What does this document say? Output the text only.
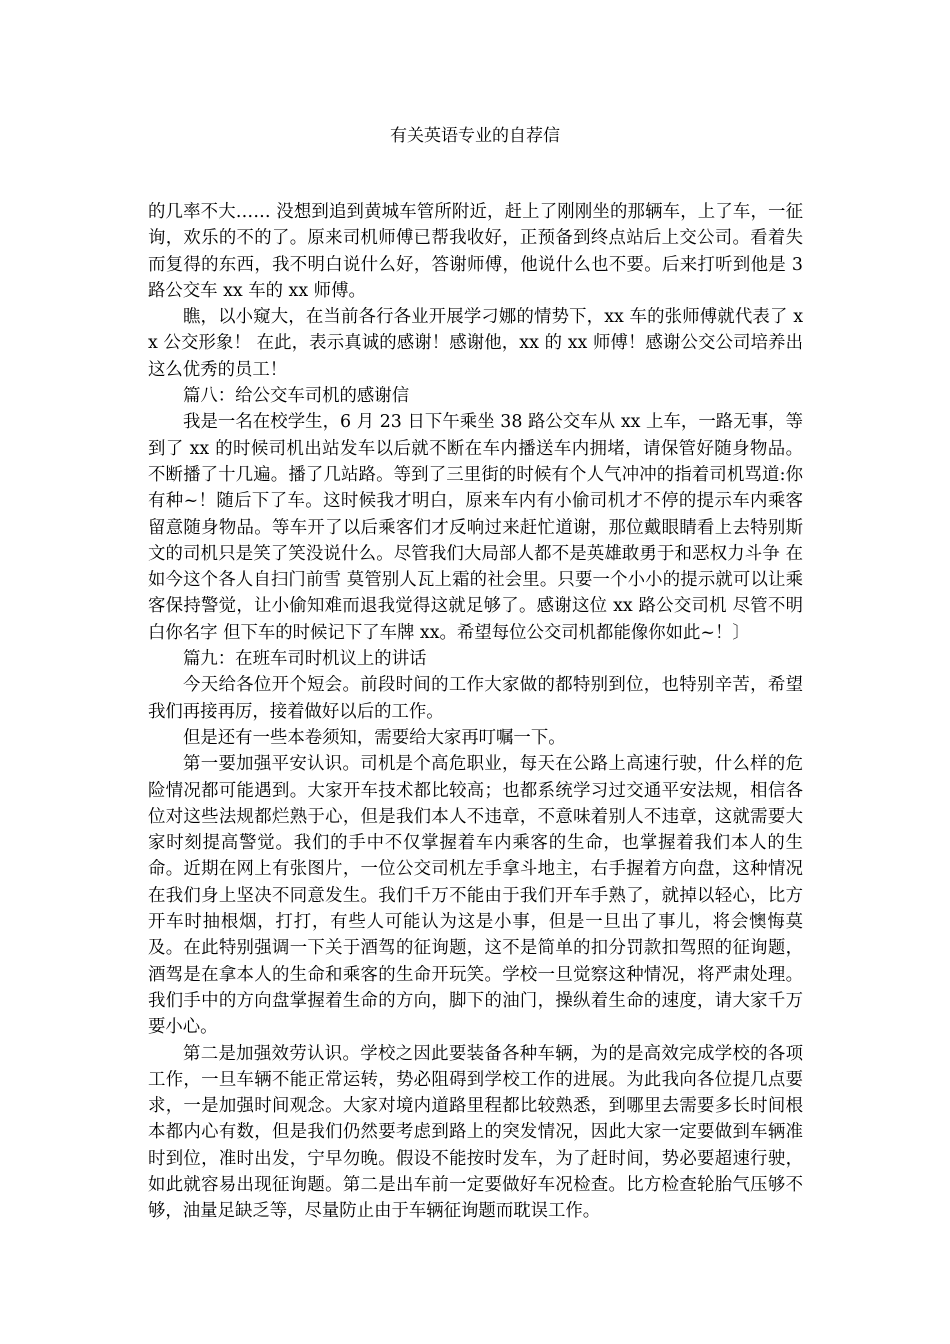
有关英语专业的自荐信

的几率不大…… 没想到追到黄城车管所附近，赶上了刚刚坐的那辆车，上了车，一征询，欢乐的不的了。原来司机师傅已帮我收好，正预备到终点站后上交公司。看着失而复得的东西，我不明白说什么好，答谢师傅，他说什么也不要。后来打听到他是 3 路公交车 xx 车的 xx 师傅。

瞧，以小窥大，在当前各行各业开展学刁娜的情势下，xx 车的张师傅就代表了 xx 公交形象！ 在此，表示真诚的感谢！感谢他，xx 的 xx 师傅！感谢公交公司培养出这么优秀的员工！

篇八：给公交车司机的感谢信

我是一名在校学生，6 月 23 日下午乘坐 38 路公交车从 xx 上车，一路无事，等到了 xx 的时候司机出站发车以后就不断在车内播送车内拥堵，请保管好随身物品。不断播了十几遍。播了几站路。等到了三里街的时候有个人气冲冲的指着司机骂道:你有种~！随后下了车。这时候我才明白，原来车内有小偷司机才不停的提示车内乘客留意随身物品。等车开了以后乘客们才反响过来赶忙道谢，那位戴眼睛看上去特别斯文的司机只是笑了笑没说什么。尽管我们大局部人都不是英雄敢勇于和恶权力斗争 在如今这个各人自扫门前雪 莫管别人瓦上霜的社会里。只要一个小小的提示就可以让乘客保持警觉，让小偷知难而退我觉得这就足够了。感谢这位 xx 路公交司机 尽管不明白你名字 但下车的时候记下了车牌 xx。希望每位公交司机都能像你如此~！〕

篇九：在班车司时机议上的讲话

今天给各位开个短会。前段时间的工作大家做的都特别到位，也特别辛苦，希望我们再接再厉，接着做好以后的工作。

但是还有一些本卷须知，需要给大家再叮嘱一下。

第一要加强平安认识。司机是个高危职业，每天在公路上高速行驶，什么样的危险情况都可能遇到。大家开车技术都比较高；也都系统学习过交通平安法规，相信各位对这些法规都烂熟于心，但是我们本人不违章，不意味着别人不违章，这就需要大家时刻提高警觉。我们的手中不仅掌握着车内乘客的生命，也掌握着我们本人的生命。近期在网上有张图片，一位公交司机左手拿斗地主，右手握着方向盘，这种情况在我们身上坚决不同意发生。我们千万不能由于我们开车手熟了，就掉以轻心，比方开车时抽根烟，打打，有些人可能认为这是小事，但是一旦出了事儿，将会懊悔莫及。在此特别强调一下关于酒驾的征询题，这不是简单的扣分罚款扣驾照的征询题，酒驾是在拿本人的生命和乘客的生命开玩笑。学校一旦觉察这种情况，将严肃处理。我们手中的方向盘掌握着生命的方向，脚下的油门，操纵着生命的速度，请大家千万要小心。

第二是加强效劳认识。学校之因此要装备各种车辆，为的是高效完成学校的各项工作，一旦车辆不能正常运转，势必阻碍到学校工作的进展。为此我向各位提几点要求，一是加强时间观念。大家对境内道路里程都比较熟悉，到哪里去需要多长时间根本都内心有数，但是我们仍然要考虑到路上的突发情况，因此大家一定要做到车辆准时到位，准时出发，宁早勿晚。假设不能按时发车，为了赶时间，势必要超速行驶，如此就容易出现征询题。第二是出车前一定要做好车况检查。比方检查轮胎气压够不够，油量足缺乏等，尽量防止由于车辆征询题而耽误工作。
